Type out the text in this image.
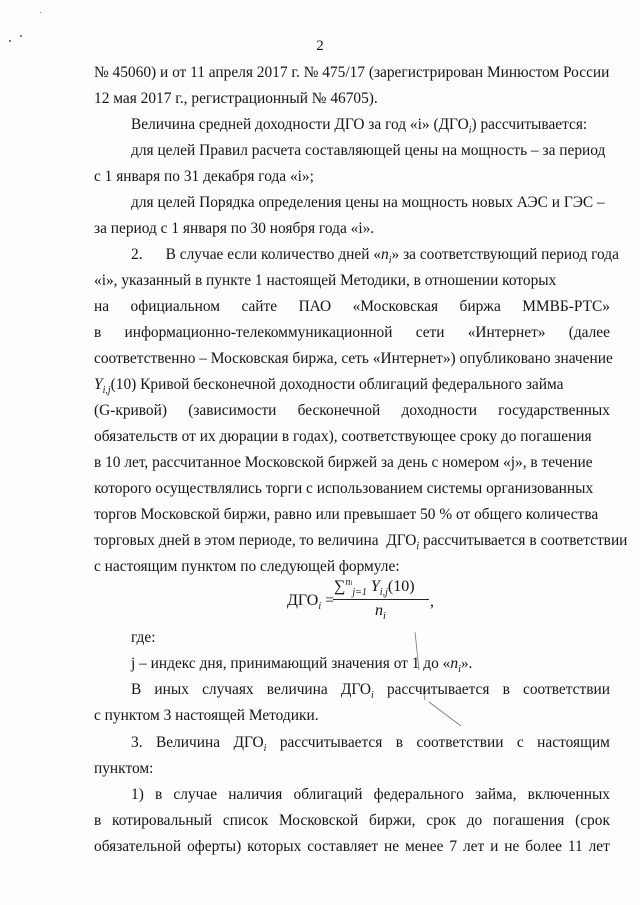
2
№ 45060) и от 11 апреля 2017 г. № 475/17 (зарегистрирован Минюстом России
12 мая 2017 г., регистрационный № 46705).
Величина средней доходности ДГО за год «i» $(ДГО_i)$ рассчитывается:
для целей Правил расчета составляющей цены на мощность – за период
с 1 января по 31 декабря года «i»;
для целей Порядка определения цены на мощность новых АЭС и ГЭС –
за период с 1 января по 30 ноября года «i».
2. В случае если количество дней «$n_i$» за соответствующий период года
«i», указанный в пункте 1 настоящей Методики, в отношении которых
на официальном сайте ПАО «Московская биржа ММВБ-РТС»
в информационно-телекоммуникационной сети «Интернет» (далее
соответственно – Московская биржа, сеть «Интернет») опубликовано значение
$Y_{i,j}(10)$ Кривой бесконечной доходности облигаций федерального займа
(G-кривой) (зависимости бесконечной доходности государственных
обязательств от их дюрации в годах), соответствующее сроку до погашения
в 10 лет, рассчитанное Московской биржей за день с номером «j», в течение
которого осуществлялись торги с использованием системы организованных
торгов Московской биржи, равно или превышает 50 % от общего количества
торговых дней в этом периоде, то величина $ДГО_i$ рассчитывается в соответствии
с настоящим пунктом по следующей формуле:
$ДГО_i$ =
∑$^{ni}_{j=1}$ $Y_{i,j}(10)$
$n_i$
,
где:
j – индекс дня, принимающий значения от 1 до «$n_i$».
В иных случаях величина $ДГО_i$ рассчитывается в соответствии
с пунктом 3 настоящей Методики.
3. Величина $ДГО_i$ рассчитывается в соответствии с настоящим
пунктом:
1) в случае наличия облигаций федерального займа, включенных
в котировальный список Московской биржи, срок до погашения (срок
обязательной оферты) которых составляет не менее 7 лет и не более 11 лет
